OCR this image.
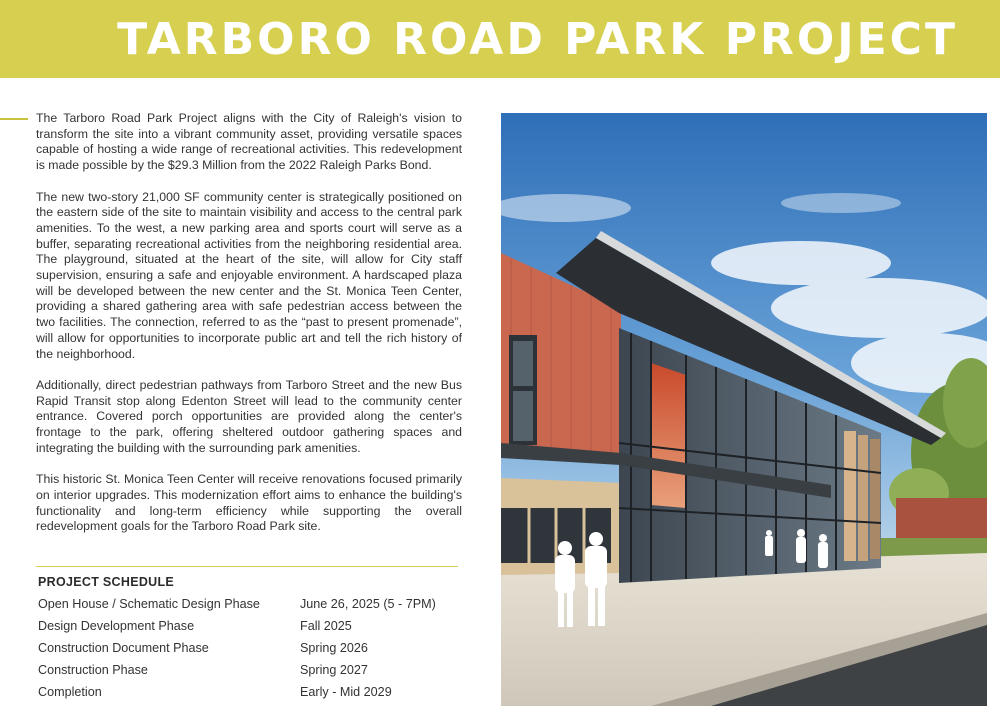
TARBORO ROAD PARK PROJECT

The Tarboro Road Park Project aligns with the City of Raleigh's vision to transform the site into a vibrant community asset, providing versatile spaces capable of hosting a wide range of recreational activities. This redevelopment is made possible by the $29.3 Million from the 2022 Raleigh Parks Bond.

The new two-story 21,000 SF community center is strategically positioned on the eastern side of the site to maintain visibility and access to the central park amenities. To the west, a new parking area and sports court will serve as a buffer, separating recreational activities from the neighboring residential area. The playground, situated at the heart of the site, will allow for City staff supervision, ensuring a safe and enjoyable environment. A hardscaped plaza will be developed between the new center and the St. Monica Teen Center, providing a shared gathering area with safe pedestrian access between the two facilities. The connection, referred to as the “past to present promenade”, will allow for opportunities to incorporate public art and tell the rich history of the neighborhood.

Additionally, direct pedestrian pathways from Tarboro Street and the new Bus Rapid Transit stop along Edenton Street will lead to the community center entrance. Covered porch opportunities are provided along the center's frontage to the park, offering sheltered outdoor gathering spaces and integrating the building with the surrounding park amenities.

This historic St. Monica Teen Center will receive renovations focused primarily on interior upgrades. This modernization effort aims to enhance the building's functionality and long-term efficiency while supporting the overall redevelopment goals for the Tarboro Road Park site.

PROJECT SCHEDULE
Open House / Schematic Design Phase	June 26, 2025 (5 - 7PM)
Design Development Phase	Fall 2025
Construction Document Phase	Spring 2026
Construction Phase	Spring 2027
Completion	Early - Mid 2029
